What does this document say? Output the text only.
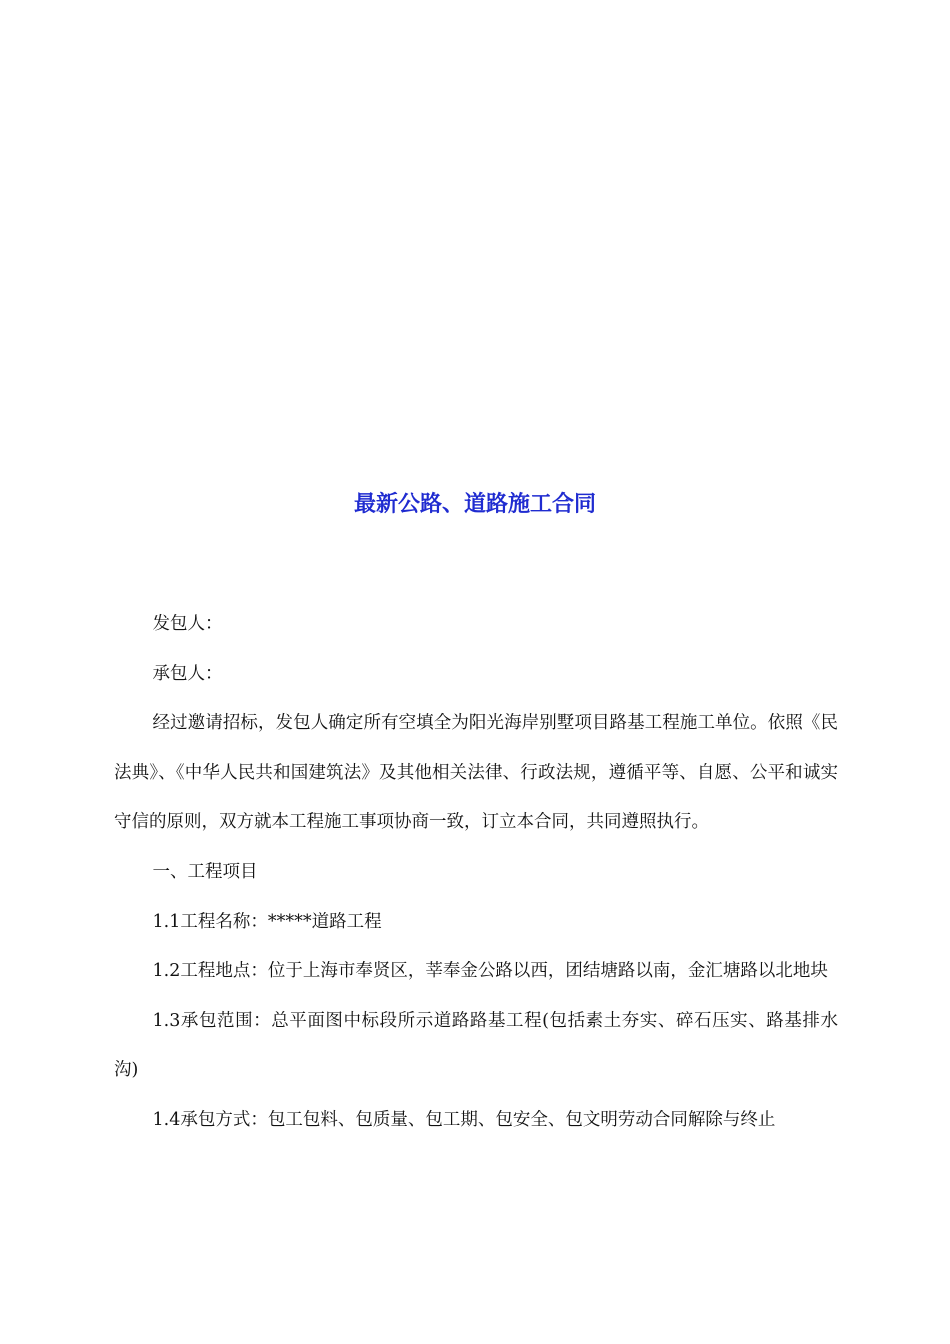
最新公路、道路施工合同

发包人：

承包人：

经过邀请招标，发包人确定所有空填全为阳光海岸别墅项目路基工程施工单位。依照《民法典》、《中华人民共和国建筑法》及其他相关法律、行政法规，遵循平等、自愿、公平和诚实守信的原则，双方就本工程施工事项协商一致，订立本合同，共同遵照执行。

一、工程项目

1.1工程名称：*****道路工程

1.2工程地点：位于上海市奉贤区，莘奉金公路以西，团结塘路以南，金汇塘路以北地块

1.3承包范围：总平面图中标段所示道路路基工程(包括素土夯实、碎石压实、路基排水沟)

1.4承包方式：包工包料、包质量、包工期、包安全、包文明劳动合同解除与终止
